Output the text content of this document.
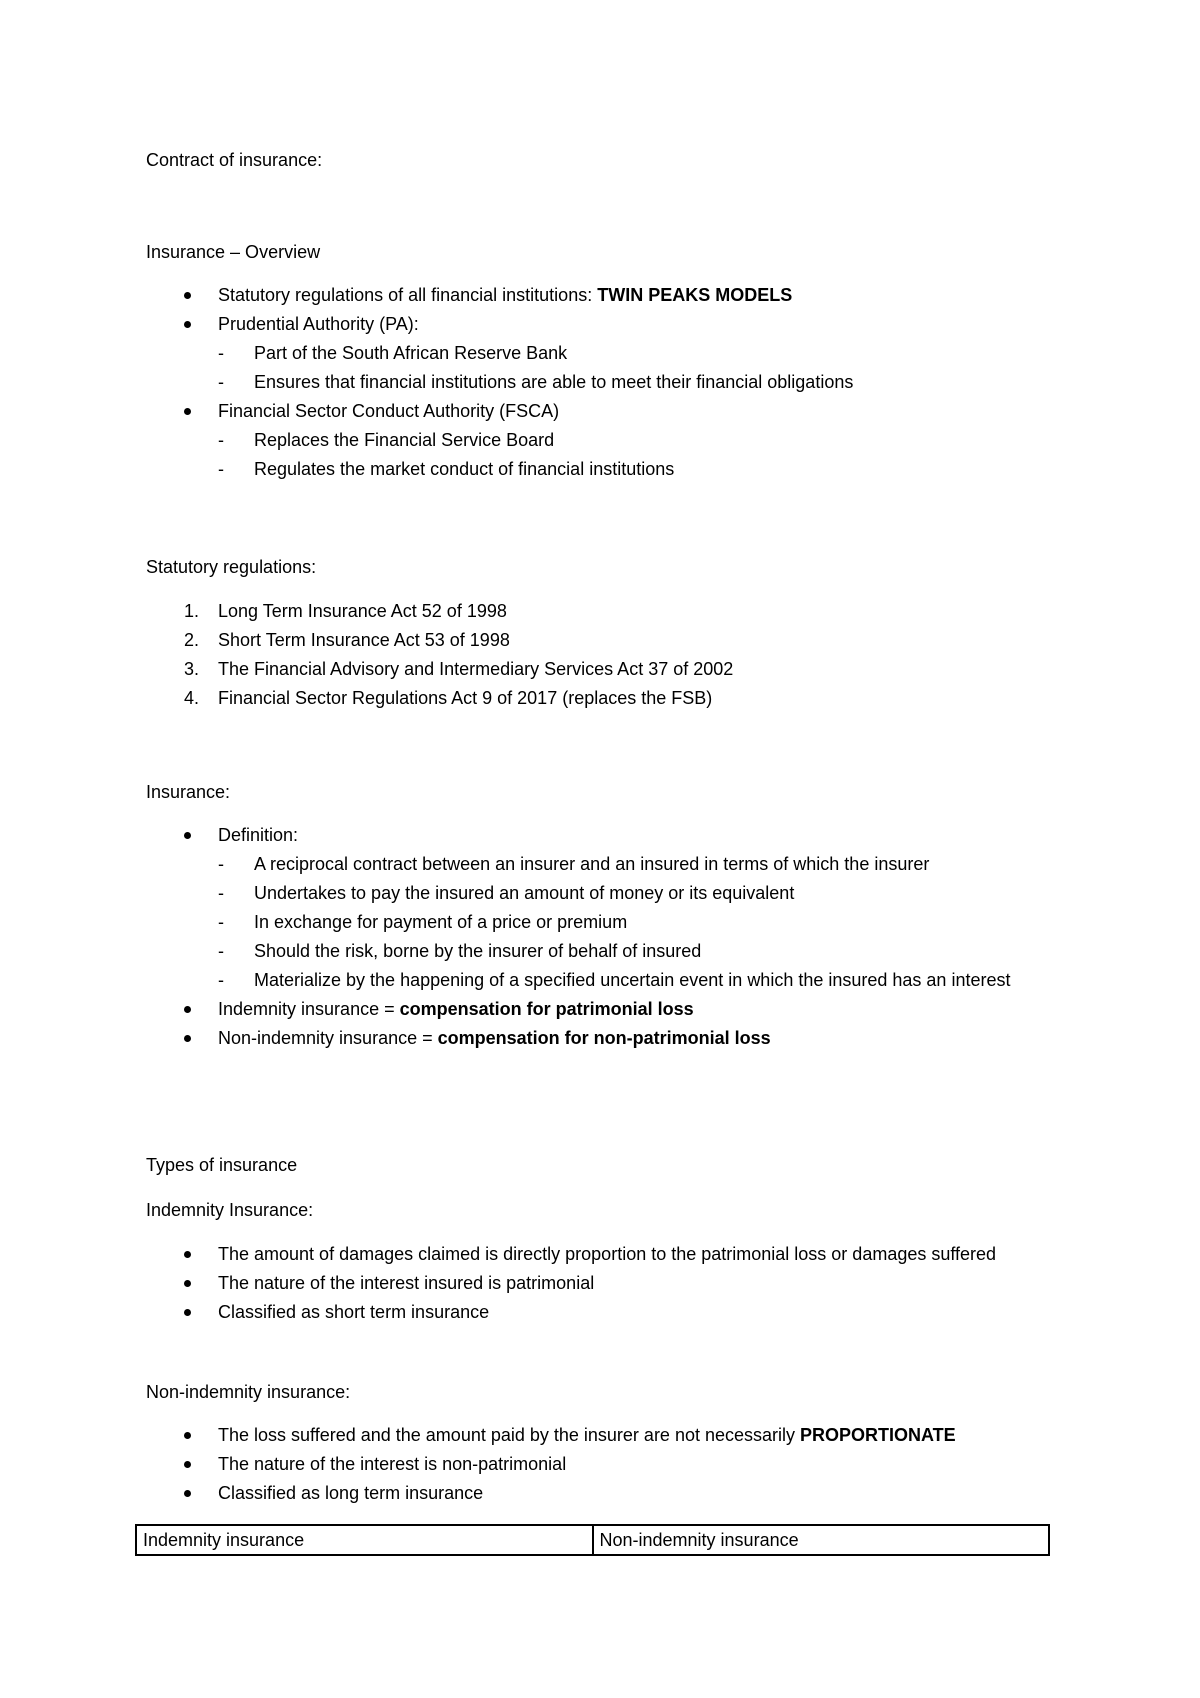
Contract of insurance:

Insurance – Overview

Statutory regulations of all financial institutions: TWIN PEAKS MODELS
Prudential Authority (PA):
- Part of the South African Reserve Bank
- Ensures that financial institutions are able to meet their financial obligations
Financial Sector Conduct Authority (FSCA)
- Replaces the Financial Service Board
- Regulates the market conduct of financial institutions

Statutory regulations:

1. Long Term Insurance Act 52 of 1998
2. Short Term Insurance Act 53 of 1998
3. The Financial Advisory and Intermediary Services Act 37 of 2002
4. Financial Sector Regulations Act 9 of 2017 (replaces the FSB)

Insurance:

Definition:
- A reciprocal contract between an insurer and an insured in terms of which the insurer
- Undertakes to pay the insured an amount of money or its equivalent
- In exchange for payment of a price or premium
- Should the risk, borne by the insurer of behalf of insured
- Materialize by the happening of a specified uncertain event in which the insured has an interest
Indemnity insurance = compensation for patrimonial loss
Non-indemnity insurance = compensation for non-patrimonial loss

Types of insurance

Indemnity Insurance:

The amount of damages claimed is directly proportion to the patrimonial loss or damages suffered
The nature of the interest insured is patrimonial
Classified as short term insurance

Non-indemnity insurance:

The loss suffered and the amount paid by the insurer are not necessarily PROPORTIONATE
The nature of the interest is non-patrimonial
Classified as long term insurance
Indemnity insurance	Non-indemnity insurance
